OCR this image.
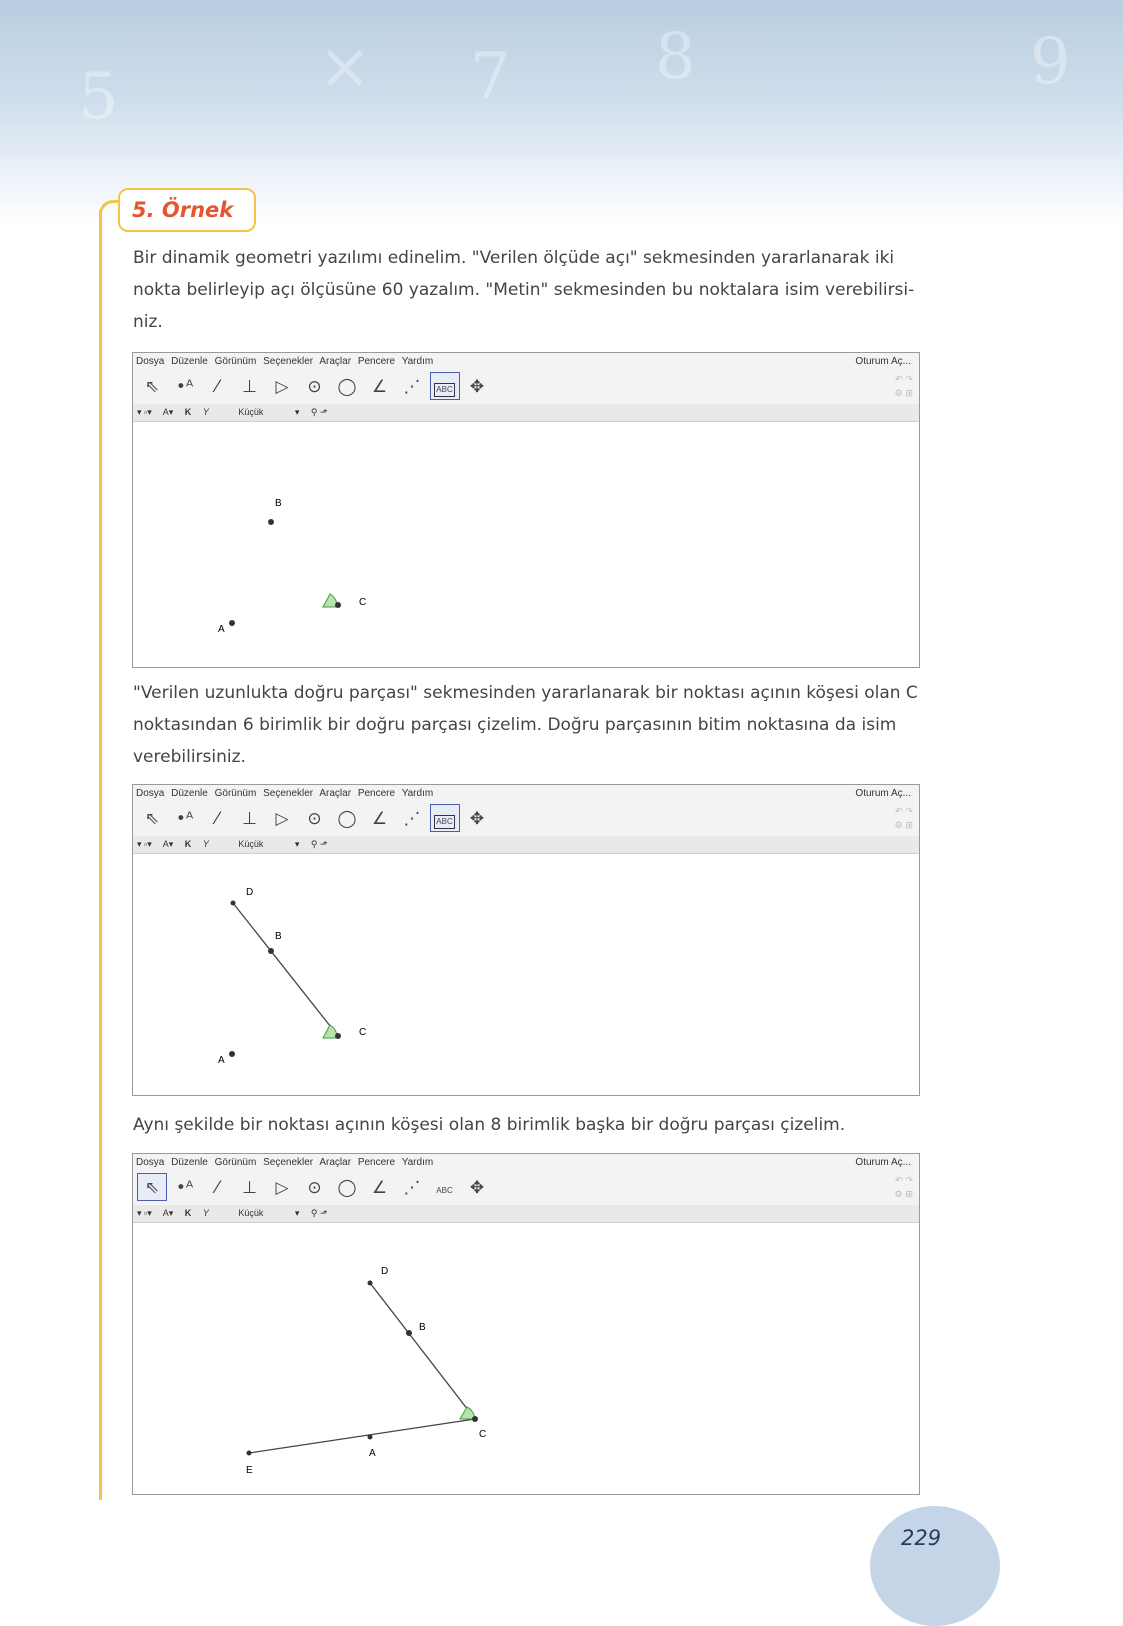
5	× 7 8	9
5. Örnek

Bir dinamik geometri yazılımı edinelim. "Verilen ölçüde açı" sekmesinden yararlanarak iki nokta belirleyip açı ölçüsüne 60 yazalım. "Metin" sekmesinden bu noktalara isim verebilirsi-niz.

Dosya Düzenle Görünüm Seçenekler Araçlar Pencere Yardım	Oturum Aç...
⇖ •ᴬ	⁄	⊥	▷	⊙ ◯ ∠ ⋰	ABC	✥	↶ ↷
⚙ ⊞
▾ ▫▾ A▾ K Y	Küçük	▾ ⚲ ⬏
B
A
C

"Verilen uzunlukta doğru parçası" sekmesinden yararlanarak bir noktası açının köşesi olan C noktasından 6 birimlik bir doğru parçası çizelim. Doğru parçasının bitim noktasına da isim verebilirsiniz.

Dosya Düzenle Görünüm Seçenekler Araçlar Pencere Yardım	Oturum Aç...
⇖ •ᴬ	⁄	⊥	▷	⊙ ◯ ∠ ⋰	ABC	✥	↶ ↷
⚙ ⊞
▾ ▫▾ A▾ K Y	Küçük	▾ ⚲ ⬏
D
B
A
C

Aynı şekilde bir noktası açının köşesi olan 8 birimlik başka bir doğru parçası çizelim.

Dosya Düzenle Görünüm Seçenekler Araçlar Pencere Yardım	Oturum Aç...
⇖ •ᴬ	⁄	⊥	▷	⊙ ◯ ∠ ⋰	ABC	✥	↶ ↷
⚙ ⊞
▾ ▫▾ A▾ K Y	Küçük	▾ ⚲ ⬏
D
B
C
A
E
229
